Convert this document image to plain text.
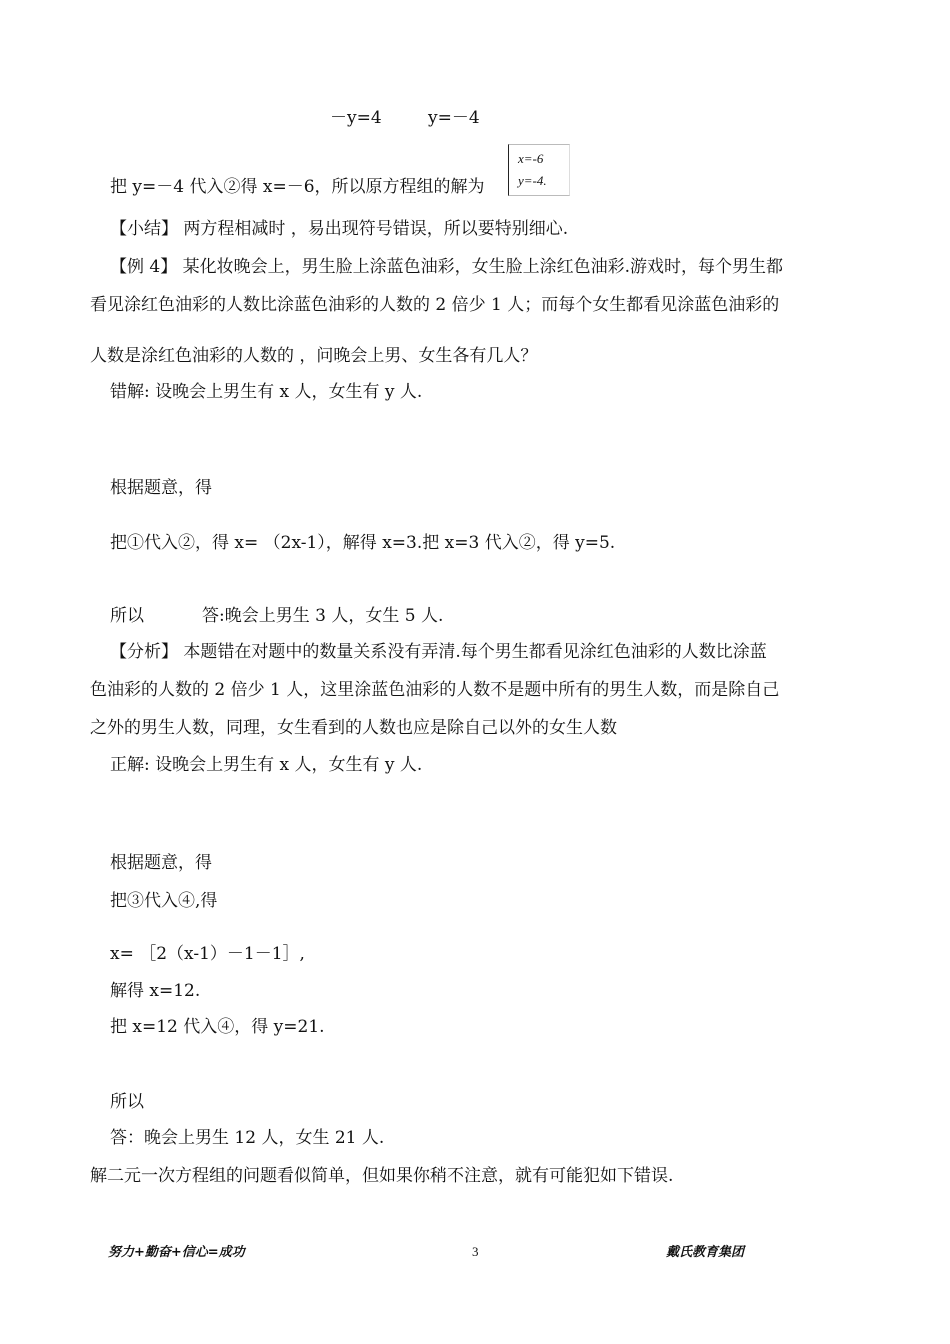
－y=4	y=－4
把 y=－4 代入②得 x=－6，所以原方程组的解为
x=-6
y=-4.
【小结】 两方程相减时 ，易出现符号错误，所以要特别细心.
【例 4】 某化妆晚会上，男生脸上涂蓝色油彩，女生脸上涂红色油彩.游戏时，每个男生都
看见涂红色油彩的人数比涂蓝色油彩的人数的 2 倍少 1 人；而每个女生都看见涂蓝色油彩的
人数是涂红色油彩的人数的 ，问晚会上男、女生各有几人？
错解: 设晚会上男生有 x 人，女生有 y 人.
根据题意，得
把①代入②，得 x= （2x-1），解得 x=3.把 x=3 代入②，得 y=5.
所以	答:晚会上男生 3 人，女生 5 人.
【分析】 本题错在对题中的数量关系没有弄清.每个男生都看见涂红色油彩的人数比涂蓝
色油彩的人数的 2 倍少 1 人，这里涂蓝色油彩的人数不是题中所有的男生人数，而是除自己
之外的男生人数，同理，女生看到的人数也应是除自己以外的女生人数
正解: 设晚会上男生有 x 人，女生有 y 人.
根据题意，得
把③代入④,得
x= ［2（x-1）－1－1］,
解得 x=12.
把 x=12 代入④，得 y=21.
所以
答：晚会上男生 12 人，女生 21 人.
解二元一次方程组的问题看似简单，但如果你稍不注意，就有可能犯如下错误.
努力+勤奋+信心=成功	3	戴氏教育集团
